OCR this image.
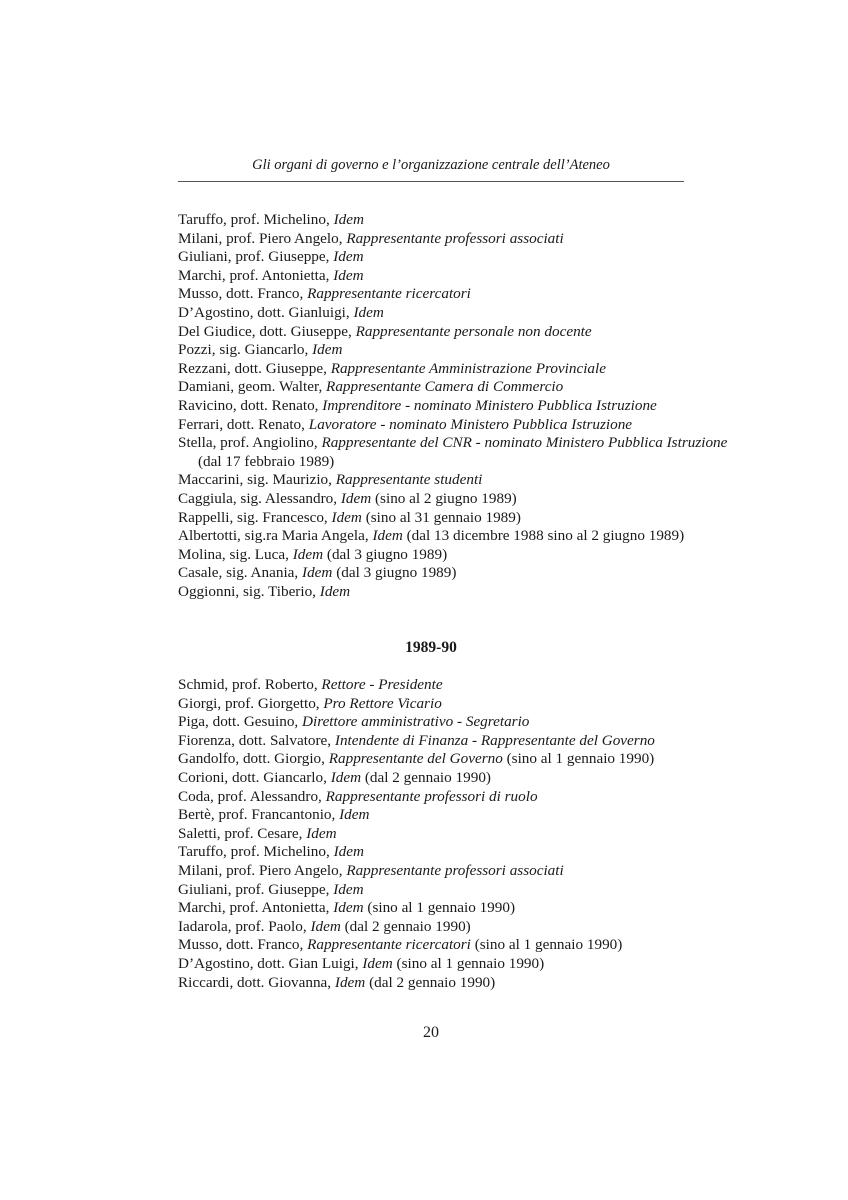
Gli organi di governo e l’organizzazione centrale dell’Ateneo
Taruffo, prof. Michelino, Idem
Milani, prof. Piero Angelo, Rappresentante professori associati
Giuliani, prof. Giuseppe, Idem
Marchi, prof. Antonietta, Idem
Musso, dott. Franco, Rappresentante ricercatori
D’Agostino, dott. Gianluigi, Idem
Del Giudice, dott. Giuseppe, Rappresentante personale non docente
Pozzi, sig. Giancarlo, Idem
Rezzani, dott. Giuseppe, Rappresentante Amministrazione Provinciale
Damiani, geom. Walter, Rappresentante Camera di Commercio
Ravicino, dott. Renato, Imprenditore - nominato Ministero Pubblica Istruzione
Ferrari, dott. Renato, Lavoratore - nominato Ministero Pubblica Istruzione
Stella, prof. Angiolino, Rappresentante del CNR - nominato Ministero Pubblica Istruzione
(dal 17 febbraio 1989)
Maccarini, sig. Maurizio, Rappresentante studenti
Caggiula, sig. Alessandro, Idem (sino al 2 giugno 1989)
Rappelli, sig. Francesco, Idem (sino al 31 gennaio 1989)
Albertotti, sig.ra Maria Angela, Idem (dal 13 dicembre 1988 sino al 2 giugno 1989)
Molina, sig. Luca, Idem (dal 3 giugno 1989)
Casale, sig. Anania, Idem (dal 3 giugno 1989)
Oggionni, sig. Tiberio, Idem
1989-90
Schmid, prof. Roberto, Rettore - Presidente
Giorgi, prof. Giorgetto, Pro Rettore Vicario
Piga, dott. Gesuino, Direttore amministrativo - Segretario
Fiorenza, dott. Salvatore, Intendente di Finanza - Rappresentante del Governo
Gandolfo, dott. Giorgio, Rappresentante del Governo (sino al 1 gennaio 1990)
Corioni, dott. Giancarlo, Idem (dal 2 gennaio 1990)
Coda, prof. Alessandro, Rappresentante professori di ruolo
Bertè, prof. Francantonio, Idem
Saletti, prof. Cesare, Idem
Taruffo, prof. Michelino, Idem
Milani, prof. Piero Angelo, Rappresentante professori associati
Giuliani, prof. Giuseppe, Idem
Marchi, prof. Antonietta, Idem (sino al 1 gennaio 1990)
Iadarola, prof. Paolo, Idem (dal 2 gennaio 1990)
Musso, dott. Franco, Rappresentante ricercatori (sino al 1 gennaio 1990)
D’Agostino, dott. Gian Luigi, Idem (sino al 1 gennaio 1990)
Riccardi, dott. Giovanna, Idem (dal 2 gennaio 1990)
20
